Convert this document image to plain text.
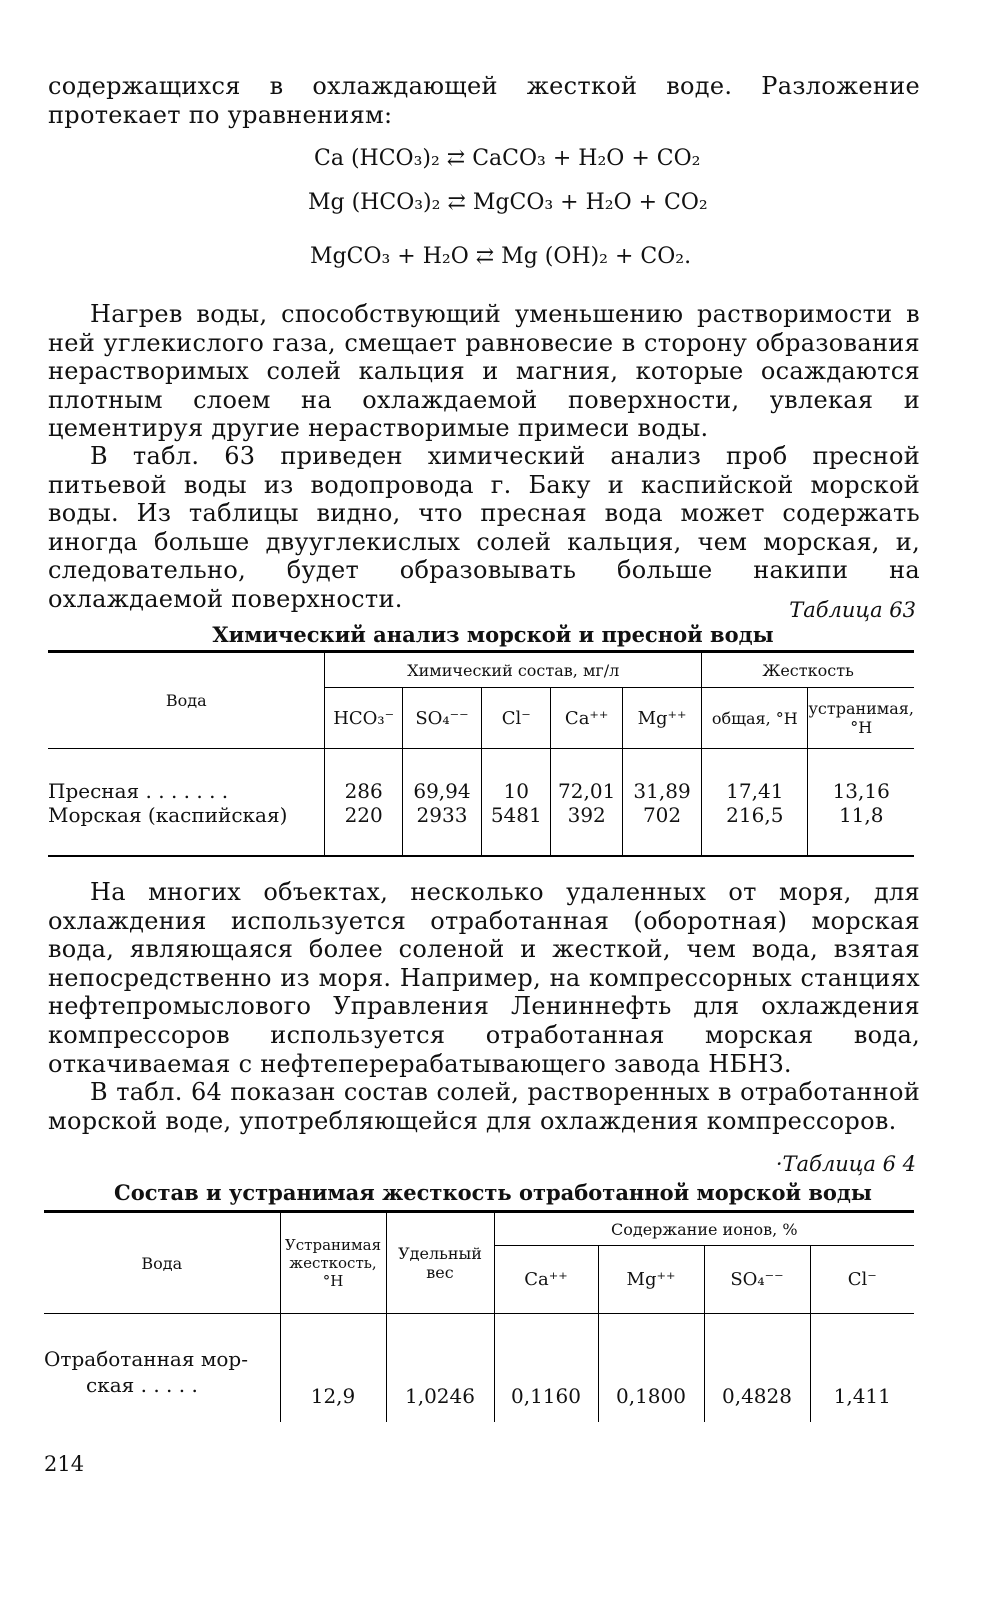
содержащихся в охлаждающей жесткой воде. Разложение протекает по уравнениям:
Ca (HCO₃)₂ ⇄ CaCO₃ + H₂O + CO₂
Mg (HCO₃)₂ ⇄ MgCO₃ + H₂O + CO₂
MgCO₃ + H₂O ⇄ Mg (OH)₂ + CO₂.
Нагрев воды, способствующий уменьшению растворимости в ней углекислого газа, смещает равновесие в сторону образования нерастворимых солей кальция и магния, которые осаждаются плотным слоем на охлаждаемой поверхности, увлекая и цементируя другие нерастворимые примеси воды.
В табл. 63 приведен химический анализ проб пресной питьевой воды из водопровода г. Баку и каспийской морской воды. Из таблицы видно, что пресная вода может содержать иногда больше двууглекислых солей кальция, чем морская, и, следовательно, будет образовывать больше накипи на охлаждаемой поверхности.	Таблица 63
Химический анализ морской и пресной воды
Вода	Химический состав, мг/л					Жесткость	
	HCO₃⁻	SO₄⁻⁻	Cl⁻	Ca⁺⁺	Mg⁺⁺	общая, °H	устранимая, °H
Пресная . . . . . . .	286	69,94	10	72,01	31,89	17,41	13,16
Морская (каспийская)	220	2933	5481	392	702	216,5	11,8
На многих объектах, несколько удаленных от моря, для охлаждения используется отработанная (оборотная) морская вода, являющаяся более соленой и жесткой, чем вода, взятая непосредственно из моря. Например, на компрессорных станциях нефтепромыслового Управления Лениннефть для охлаждения компрессоров используется отработанная морская вода, откачиваемая с нефтеперерабатывающего завода НБНЗ.
В табл. 64 показан состав солей, растворенных в отработанной морской воде, употребляющейся для охлаждения компрессоров.
·Таблица 6 4
Состав и устранимая жесткость отработанной морской воды
Вода	Устранимая жесткость, °H	Удельный вес	Содержание ионов, %			
			Ca⁺⁺	Mg⁺⁺	SO₄⁻⁻	Cl⁻

Отработанная мор-
ская . . . . .	12,9	1,0246	0,1160	0,1800	0,4828	1,411
214
